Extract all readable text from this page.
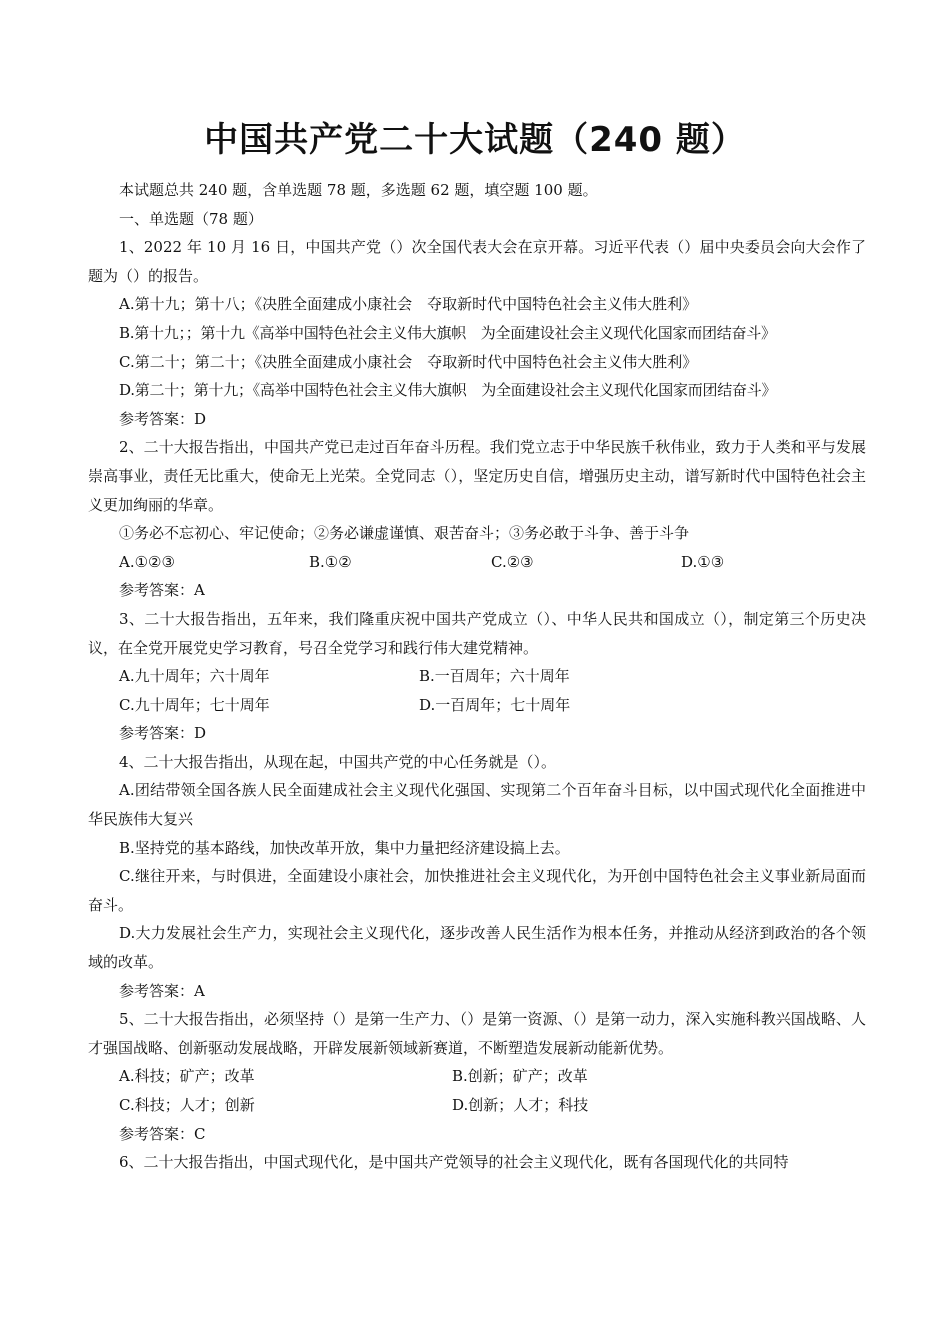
中国共产党二十大试题（240 题）

本试题总共 240 题，含单选题 78 题，多选题 62 题，填空题 100 题。

一、单选题（78 题）

1、2022 年 10 月 16 日，中国共产党（）次全国代表大会在京开幕。习近平代表（）届中央委员会向大会作了题为（）的报告。

A.第十九；第十八；《决胜全面建成小康社会　夺取新时代中国特色社会主义伟大胜利》

B.第十九；；第十九《高举中国特色社会主义伟大旗帜　为全面建设社会主义现代化国家而团结奋斗》

C.第二十；第二十；《决胜全面建成小康社会　夺取新时代中国特色社会主义伟大胜利》

D.第二十；第十九；《高举中国特色社会主义伟大旗帜　为全面建设社会主义现代化国家而团结奋斗》

参考答案：D

2、二十大报告指出，中国共产党已走过百年奋斗历程。我们党立志于中华民族千秋伟业，致力于人类和平与发展崇高事业，责任无比重大，使命无上光荣。全党同志（），坚定历史自信，增强历史主动，谱写新时代中国特色社会主义更加绚丽的华章。

①务必不忘初心、牢记使命；②务必谦虚谨慎、艰苦奋斗；③务必敢于斗争、善于斗争

A.①②③	B.①②	C.②③	D.①③

参考答案：A

3、二十大报告指出，五年来，我们隆重庆祝中国共产党成立（）、中华人民共和国成立（），制定第三个历史决议，在全党开展党史学习教育，号召全党学习和践行伟大建党精神。

A.九十周年；六十周年	B.一百周年；六十周年
C.九十周年；七十周年	D.一百周年；七十周年

参考答案：D

4、二十大报告指出，从现在起，中国共产党的中心任务就是（）。

A.团结带领全国各族人民全面建成社会主义现代化强国、实现第二个百年奋斗目标，以中国式现代化全面推进中华民族伟大复兴

B.坚持党的基本路线，加快改革开放，集中力量把经济建设搞上去。

C.继往开来，与时俱进，全面建设小康社会，加快推进社会主义现代化，为开创中国特色社会主义事业新局面而奋斗。

D.大力发展社会生产力，实现社会主义现代化，逐步改善人民生活作为根本任务，并推动从经济到政治的各个领域的改革。

参考答案：A

5、二十大报告指出，必须坚持（）是第一生产力、（）是第一资源、（）是第一动力，深入实施科教兴国战略、人才强国战略、创新驱动发展战略，开辟发展新领域新赛道，不断塑造发展新动能新优势。

A.科技；矿产；改革	B.创新；矿产；改革
C.科技；人才；创新	D.创新；人才；科技

参考答案：C

6、二十大报告指出，中国式现代化，是中国共产党领导的社会主义现代化，既有各国现代化的共同特
